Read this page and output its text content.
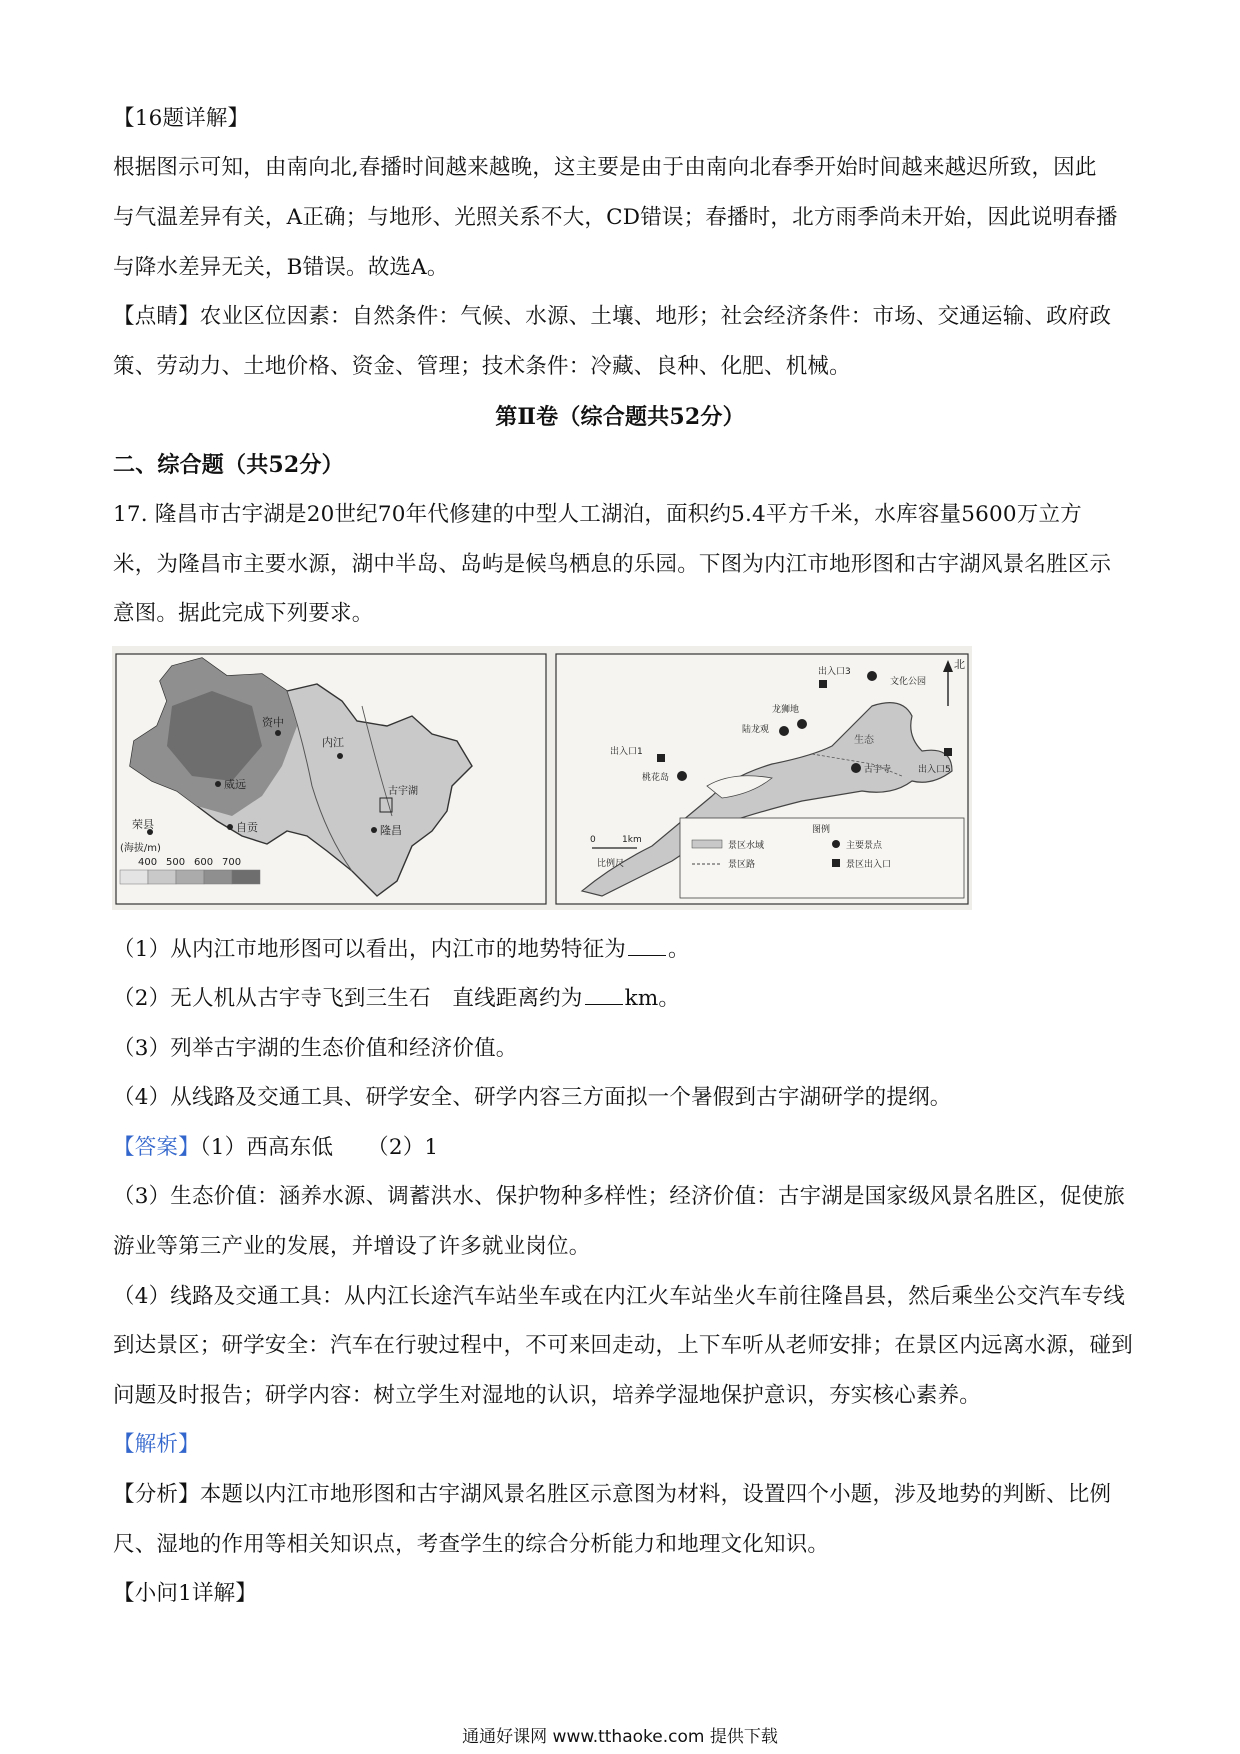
【16题详解】
根据图示可知，由南向北,春播时间越来越晚，这主要是由于由南向北春季开始时间越来越迟所致，因此
与气温差异有关，A正确；与地形、光照关系不大，CD错误；春播时，北方雨季尚未开始，因此说明春播
与降水差异无关，B错误。故选A。
【点睛】农业区位因素：自然条件：气候、水源、土壤、地形；社会经济条件：市场、交通运输、政府政
策、劳动力、土地价格、资金、管理；技术条件：冷藏、良种、化肥、机械。
第Ⅱ卷（综合题共52分）
二、综合题（共52分）
17. 隆昌市古宇湖是20世纪70年代修建的中型人工湖泊，面积约5.4平方千米，水库容量5600万立方
米，为隆昌市主要水源，湖中半岛、岛屿是候鸟栖息的乐园。下图为内江市地形图和古宇湖风景名胜区示
意图。据此完成下列要求。
资中
内江
威远
自贡	隆昌
荣县
古宇湖
(海拔/m)
400 500 600 700
北
出入口3
文化公园
龙狮地
陆龙观
出入口1
桃花岛
古宇寺	出入口5
生态
0	1km
比例尺
图例
景区水域	主要景点
景区路	景区出入口
（1）从内江市地形图可以看出，内江市的地势特征为 。
（2）无人机从古宇寺飞到三生石　直线距离约为 km。
（3）列举古宇湖的生态价值和经济价值。
（4）从线路及交通工具、研学安全、研学内容三方面拟一个暑假到古宇湖研学的提纲。
【答案】（1）西高东低 （2）1
（3）生态价值：涵养水源、调蓄洪水、保护物种多样性；经济价值：古宇湖是国家级风景名胜区，促使旅
游业等第三产业的发展，并增设了许多就业岗位。
（4）线路及交通工具：从内江长途汽车站坐车或在内江火车站坐火车前往隆昌县，然后乘坐公交汽车专线
到达景区；研学安全：汽车在行驶过程中，不可来回走动，上下车听从老师安排；在景区内远离水源，碰到
问题及时报告；研学内容：树立学生对湿地的认识，培养学湿地保护意识，夯实核心素养。
【解析】
【分析】本题以内江市地形图和古宇湖风景名胜区示意图为材料，设置四个小题，涉及地势的判断、比例
尺、湿地的作用等相关知识点，考查学生的综合分析能力和地理文化知识。
【小问1详解】
通通好课网 www.tthaoke.com 提供下载
